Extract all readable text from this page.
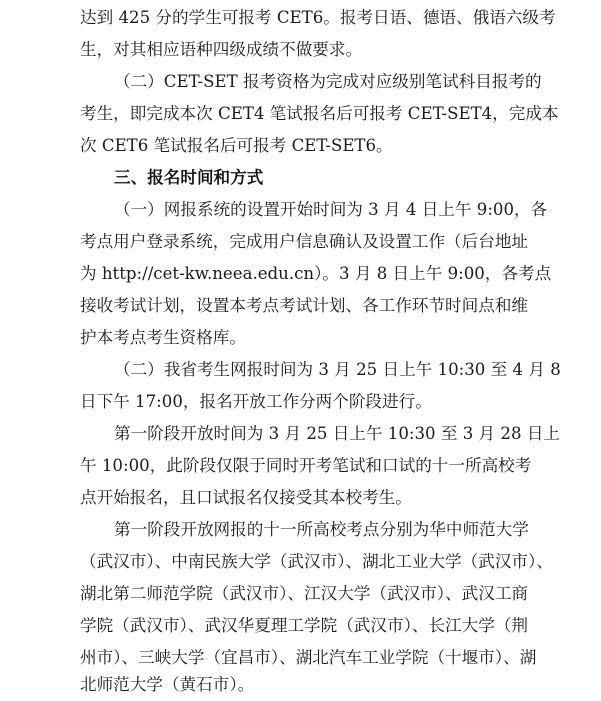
达到 425 分的学生可报考 CET6。报考日语、德语、俄语六级考
生，对其相应语种四级成绩不做要求。
（二）CET-SET 报考资格为完成对应级别笔试科目报考的
考生，即完成本次 CET4 笔试报名后可报考 CET-SET4，完成本
次 CET6 笔试报名后可报考 CET-SET6。
三、报名时间和方式
（一）网报系统的设置开始时间为 3 月 4 日上午 9:00，各
考点用户登录系统，完成用户信息确认及设置工作（后台地址
为 http://cet-kw.neea.edu.cn）。3 月 8 日上午 9:00，各考点
接收考试计划，设置本考点考试计划、各工作环节时间点和维
护本考点考生资格库。
（二）我省考生网报时间为 3 月 25 日上午 10:30 至 4 月 8
日下午 17:00，报名开放工作分两个阶段进行。
第一阶段开放时间为 3 月 25 日上午 10:30 至 3 月 28 日上
午 10:00，此阶段仅限于同时开考笔试和口试的十一所高校考
点开始报名，且口试报名仅接受其本校考生。
第一阶段开放网报的十一所高校考点分别为华中师范大学
（武汉市）、中南民族大学（武汉市）、湖北工业大学（武汉市）、
湖北第二师范学院（武汉市）、江汉大学（武汉市）、武汉工商
学院（武汉市）、武汉华夏理工学院（武汉市）、长江大学（荆
州市）、三峡大学（宜昌市）、湖北汽车工业学院（十堰市）、湖
北师范大学（黄石市）。
